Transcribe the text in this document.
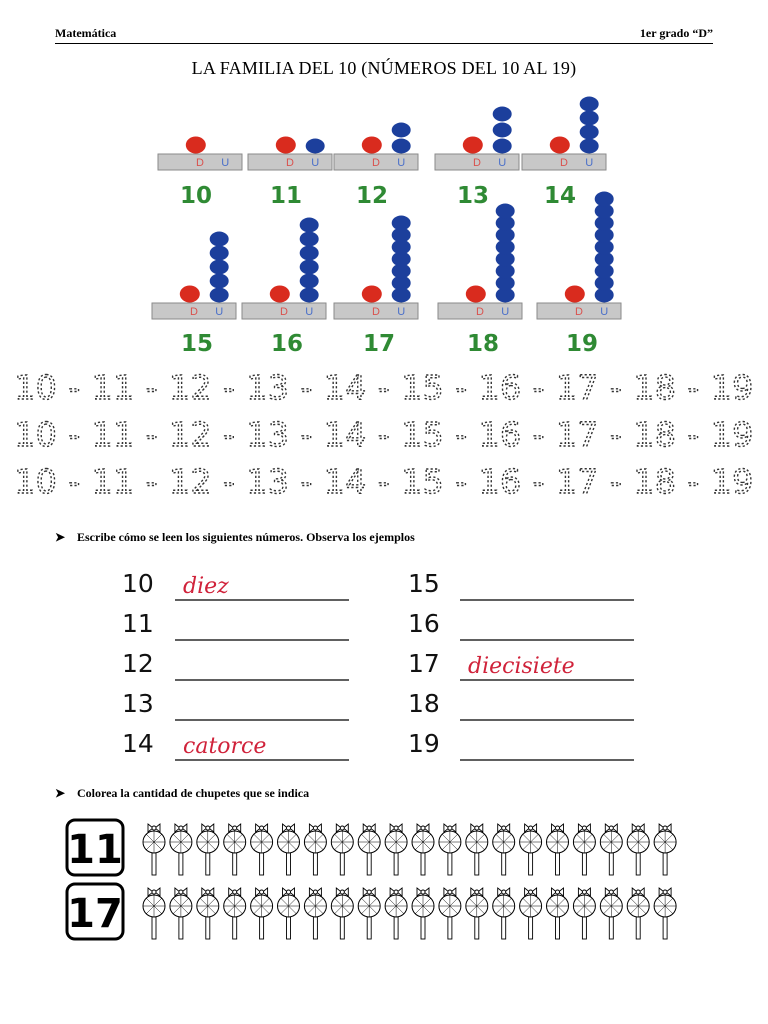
Matemática	1er grado “D”
LA FAMILIA DEL 10 (NÚMEROS DEL 10 AL 19)
D U
10
D U
11
D U
12
D U
13
D U
14
D U
15
D U
16
D U
17
D U
18
D U
19
10 - 11 - 12 - 13 - 14 - 15 - 16 - 17 - 18 - 19
10 - 11 - 12 - 13 - 14 - 15 - 16 - 17 - 18 - 19
10 - 11 - 12 - 13 - 14 - 15 - 16 - 17 - 18 - 19
➤ Escribe cómo se leen los siguientes números. Observa los ejemplos
10 diez
11
12
13
14 catorce
15
16
17 diecisiete
18
19
➤ Colorea la cantidad de chupetes que se indica
11
17
